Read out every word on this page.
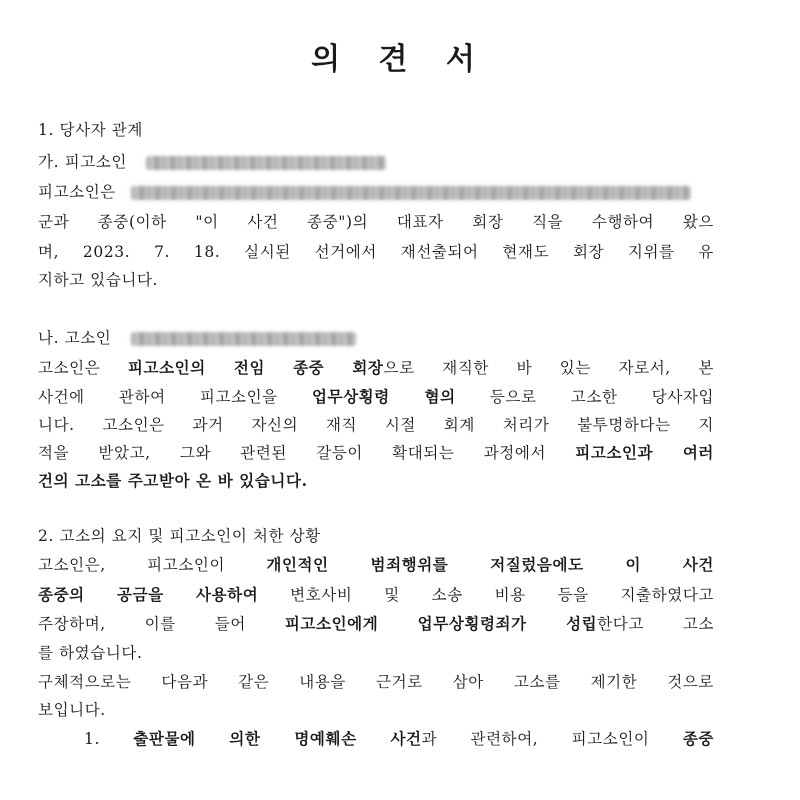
의 견 서
1. 당사자 관계
가. 피고소인
피고소인은
군과 종중(이하 "이 사건 종중")의 대표자 회장 직을 수행하여 왔으
며, 2023. 7. 18. 실시된 선거에서 재선출되어 현재도 회장 지위를 유
지하고 있습니다.
나. 고소인
고소인은 피고소인의 전임 종중 회장으로 재직한 바 있는 자로서, 본
사건에 관하여 피고소인을 업무상횡령 혐의 등으로 고소한 당사자입
니다. 고소인은 과거 자신의 재직 시절 회계 처리가 불투명하다는 지
적을 받았고, 그와 관련된 갈등이 확대되는 과정에서 피고소인과 여러
건의 고소를 주고받아 온 바 있습니다.
2. 고소의 요지 및 피고소인이 처한 상황
고소인은, 피고소인이	개인적인 범죄행위를 저질렀음에도 이 사건
종중의 공금을 사용하여 변호사비 및 소송 비용 등을 지출하였다고
주장하며, 이를 들어	피고소인에게 업무상횡령죄가 성립한다고 고소
를 하였습니다.
구체적으로는 다음과 같은 내용을 근거로 삼아 고소를 제기한 것으로
보입니다.
1. 출판물에 의한 명예훼손 사건과 관련하여, 피고소인이 종중
